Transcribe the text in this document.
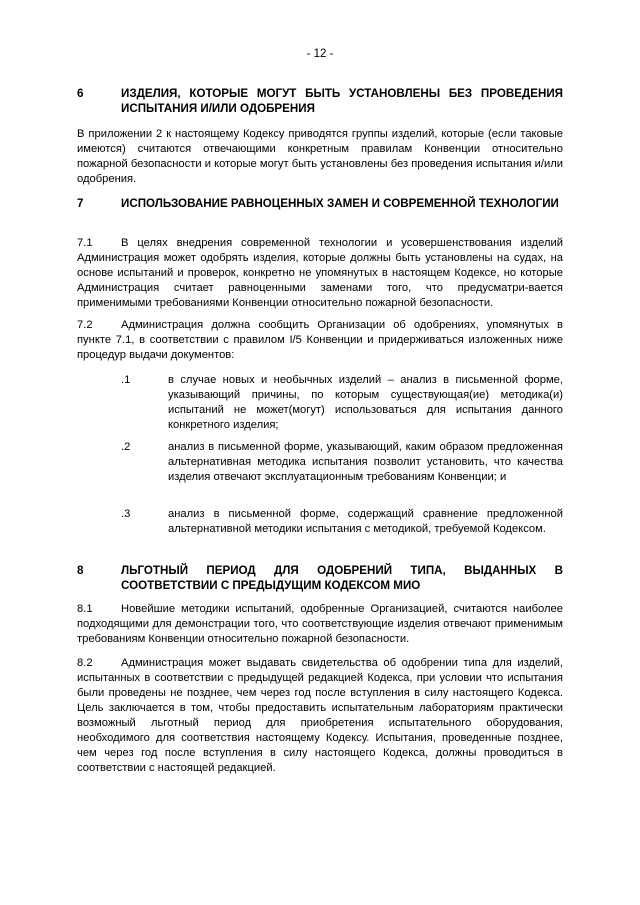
- 12 -
6	ИЗДЕЛИЯ, КОТОРЫЕ МОГУТ БЫТЬ УСТАНОВЛЕНЫ БЕЗ ПРОВЕДЕНИЯ ИСПЫТАНИЯ И/ИЛИ ОДОБРЕНИЯ
В приложении 2 к настоящему Кодексу приводятся группы изделий, которые (если таковые имеются) считаются отвечающими конкретным правилам Конвенции относительно пожарной безопасности и которые могут быть установлены без проведения испытания и/или одобрения.
7	ИСПОЛЬЗОВАНИЕ РАВНОЦЕННЫХ ЗАМЕН И СОВРЕМЕННОЙ ТЕХНОЛОГИИ
7.1	В целях внедрения современной технологии и усовершенствования изделий Администрация может одобрять изделия, которые должны быть установлены на судах, на основе испытаний и проверок, конкретно не упомянутых в настоящем Кодексе, но которые Администрация считает равноценными заменами того, что предусматри-вается применимыми требованиями Конвенции относительно пожарной безопасности.
7.2	Администрация должна сообщить Организации об одобрениях, упомянутых в пункте 7.1, в соответствии с правилом I/5 Конвенции и придерживаться изложенных ниже процедур выдачи документов:
.1	в случае новых и необычных изделий – анализ в письменной форме, указывающий причины, по которым существующая(ие) методика(и) испытаний не может(могут) использоваться для испытания данного конкретного изделия;
.2	анализ в письменной форме, указывающий, каким образом предложенная альтернативная методика испытания позволит установить, что качества изделия отвечают эксплуатационным требованиям Конвенции; и
.3	анализ в письменной форме, содержащий сравнение предложенной альтернативной методики испытания с методикой, требуемой Кодексом.
8	ЛЬГОТНЫЙ ПЕРИОД ДЛЯ ОДОБРЕНИЙ ТИПА, ВЫДАННЫХ В СООТВЕТСТВИИ С ПРЕДЫДУЩИМ КОДЕКСОМ МИО
8.1	Новейшие методики испытаний, одобренные Организацией, считаются наиболее подходящими для демонстрации того, что соответствующие изделия отвечают применимым требованиям Конвенции относительно пожарной безопасности.
8.2	Администрация может выдавать свидетельства об одобрении типа для изделий, испытанных в соответствии с предыдущей редакцией Кодекса, при условии что испытания были проведены не позднее, чем через год после вступления в силу настоящего Кодекса. Цель заключается в том, чтобы предоставить испытательным лабораториям практически возможный льготный период для приобретения испытательного оборудования, необходимого для соответствия настоящему Кодексу. Испытания, проведенные позднее, чем через год после вступления в силу настоящего Кодекса, должны проводиться в соответствии с настоящей редакцией.
